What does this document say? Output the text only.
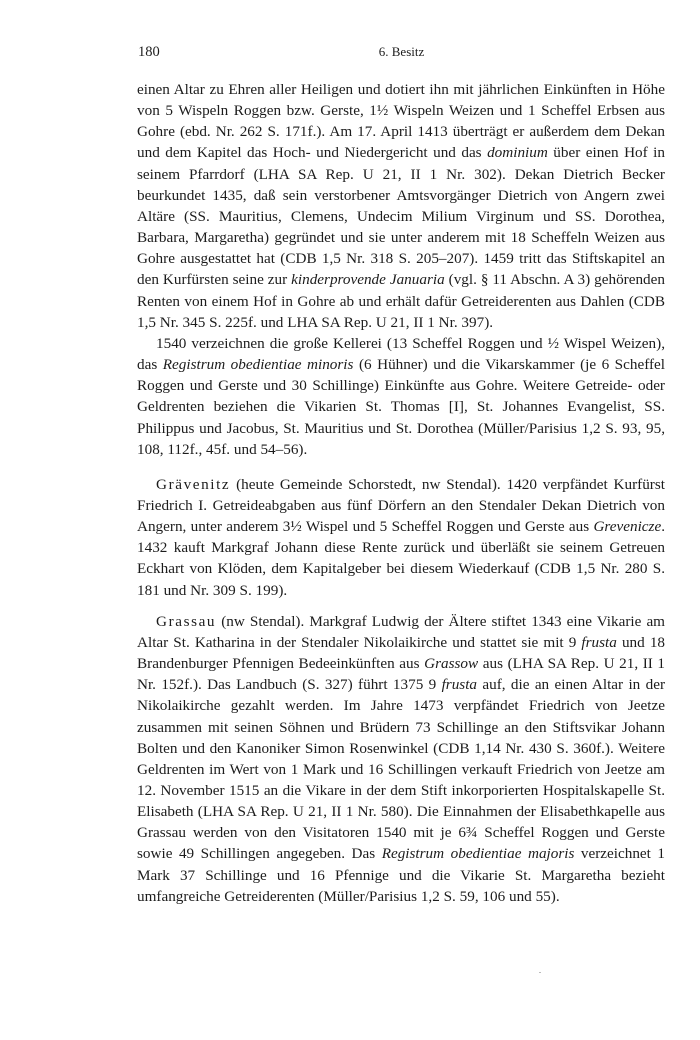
180	6. Besitz

einen Altar zu Ehren aller Heiligen und dotiert ihn mit jährlichen Einkünften in Höhe von 5 Wispeln Roggen bzw. Gerste, 1½ Wispeln Weizen und 1 Scheffel Erbsen aus Gohre (ebd. Nr. 262 S. 171f.). Am 17. April 1413 überträgt er außerdem dem Dekan und dem Kapitel das Hoch- und Niedergericht und das dominium über einen Hof in seinem Pfarrdorf (LHA SA Rep. U 21, II 1 Nr. 302). Dekan Dietrich Becker beurkundet 1435, daß sein verstorbener Amtsvorgänger Dietrich von Angern zwei Altäre (SS. Mauritius, Clemens, Undecim Milium Virginum und SS. Dorothea, Barbara, Margaretha) gegründet und sie unter anderem mit 18 Scheffeln Weizen aus Gohre ausgestattet hat (CDB 1,5 Nr. 318 S. 205–207). 1459 tritt das Stiftskapitel an den Kurfürsten seine zur kinderprovende Januaria (vgl. § 11 Abschn. A 3) gehörenden Renten von einem Hof in Gohre ab und erhält dafür Getreiderenten aus Dahlen (CDB 1,5 Nr. 345 S. 225f. und LHA SA Rep. U 21, II 1 Nr. 397).

1540 verzeichnen die große Kellerei (13 Scheffel Roggen und ½ Wispel Weizen), das Registrum obedientiae minoris (6 Hühner) und die Vikarskammer (je 6 Scheffel Roggen und Gerste und 30 Schillinge) Einkünfte aus Gohre. Weitere Getreide- oder Geldrenten beziehen die Vikarien St. Thomas [I], St. Johannes Evangelist, SS. Philippus und Jacobus, St. Mauritius und St. Dorothea (Müller/Parisius 1,2 S. 93, 95, 108, 112f., 45f. und 54–56).

Grävenitz (heute Gemeinde Schorstedt, nw Stendal). 1420 verpfändet Kurfürst Friedrich I. Getreideabgaben aus fünf Dörfern an den Stendaler Dekan Dietrich von Angern, unter anderem 3½ Wispel und 5 Scheffel Roggen und Gerste aus Grevenicze. 1432 kauft Markgraf Johann diese Rente zurück und überläßt sie seinem Getreuen Eckhart von Klöden, dem Kapitalgeber bei diesem Wiederkauf (CDB 1,5 Nr. 280 S. 181 und Nr. 309 S. 199).

Grassau (nw Stendal). Markgraf Ludwig der Ältere stiftet 1343 eine Vikarie am Altar St. Katharina in der Stendaler Nikolaikirche und stattet sie mit 9 frusta und 18 Brandenburger Pfennigen Bedeeinkünften aus Grassow aus (LHA SA Rep. U 21, II 1 Nr. 152f.). Das Landbuch (S. 327) führt 1375 9 frusta auf, die an einen Altar in der Nikolaikirche gezahlt werden. Im Jahre 1473 verpfändet Friedrich von Jeetze zusammen mit seinen Söhnen und Brüdern 73 Schillinge an den Stiftsvikar Johann Bolten und den Kanoniker Simon Rosenwinkel (CDB 1,14 Nr. 430 S. 360f.). Weitere Geldrenten im Wert von 1 Mark und 16 Schillingen verkauft Friedrich von Jeetze am 12. November 1515 an die Vikare in der dem Stift inkorporierten Hospitalskapelle St. Elisabeth (LHA SA Rep. U 21, II 1 Nr. 580). Die Einnahmen der Elisabethkapelle aus Grassau werden von den Visitatoren 1540 mit je 6¾ Scheffel Roggen und Gerste sowie 49 Schillingen angegeben. Das Registrum obedientiae majoris verzeichnet 1 Mark 37 Schillinge und 16 Pfennige und die Vikarie St. Margaretha bezieht umfangreiche Getreiderenten (Müller/Parisius 1,2 S. 59, 106 und 55).
